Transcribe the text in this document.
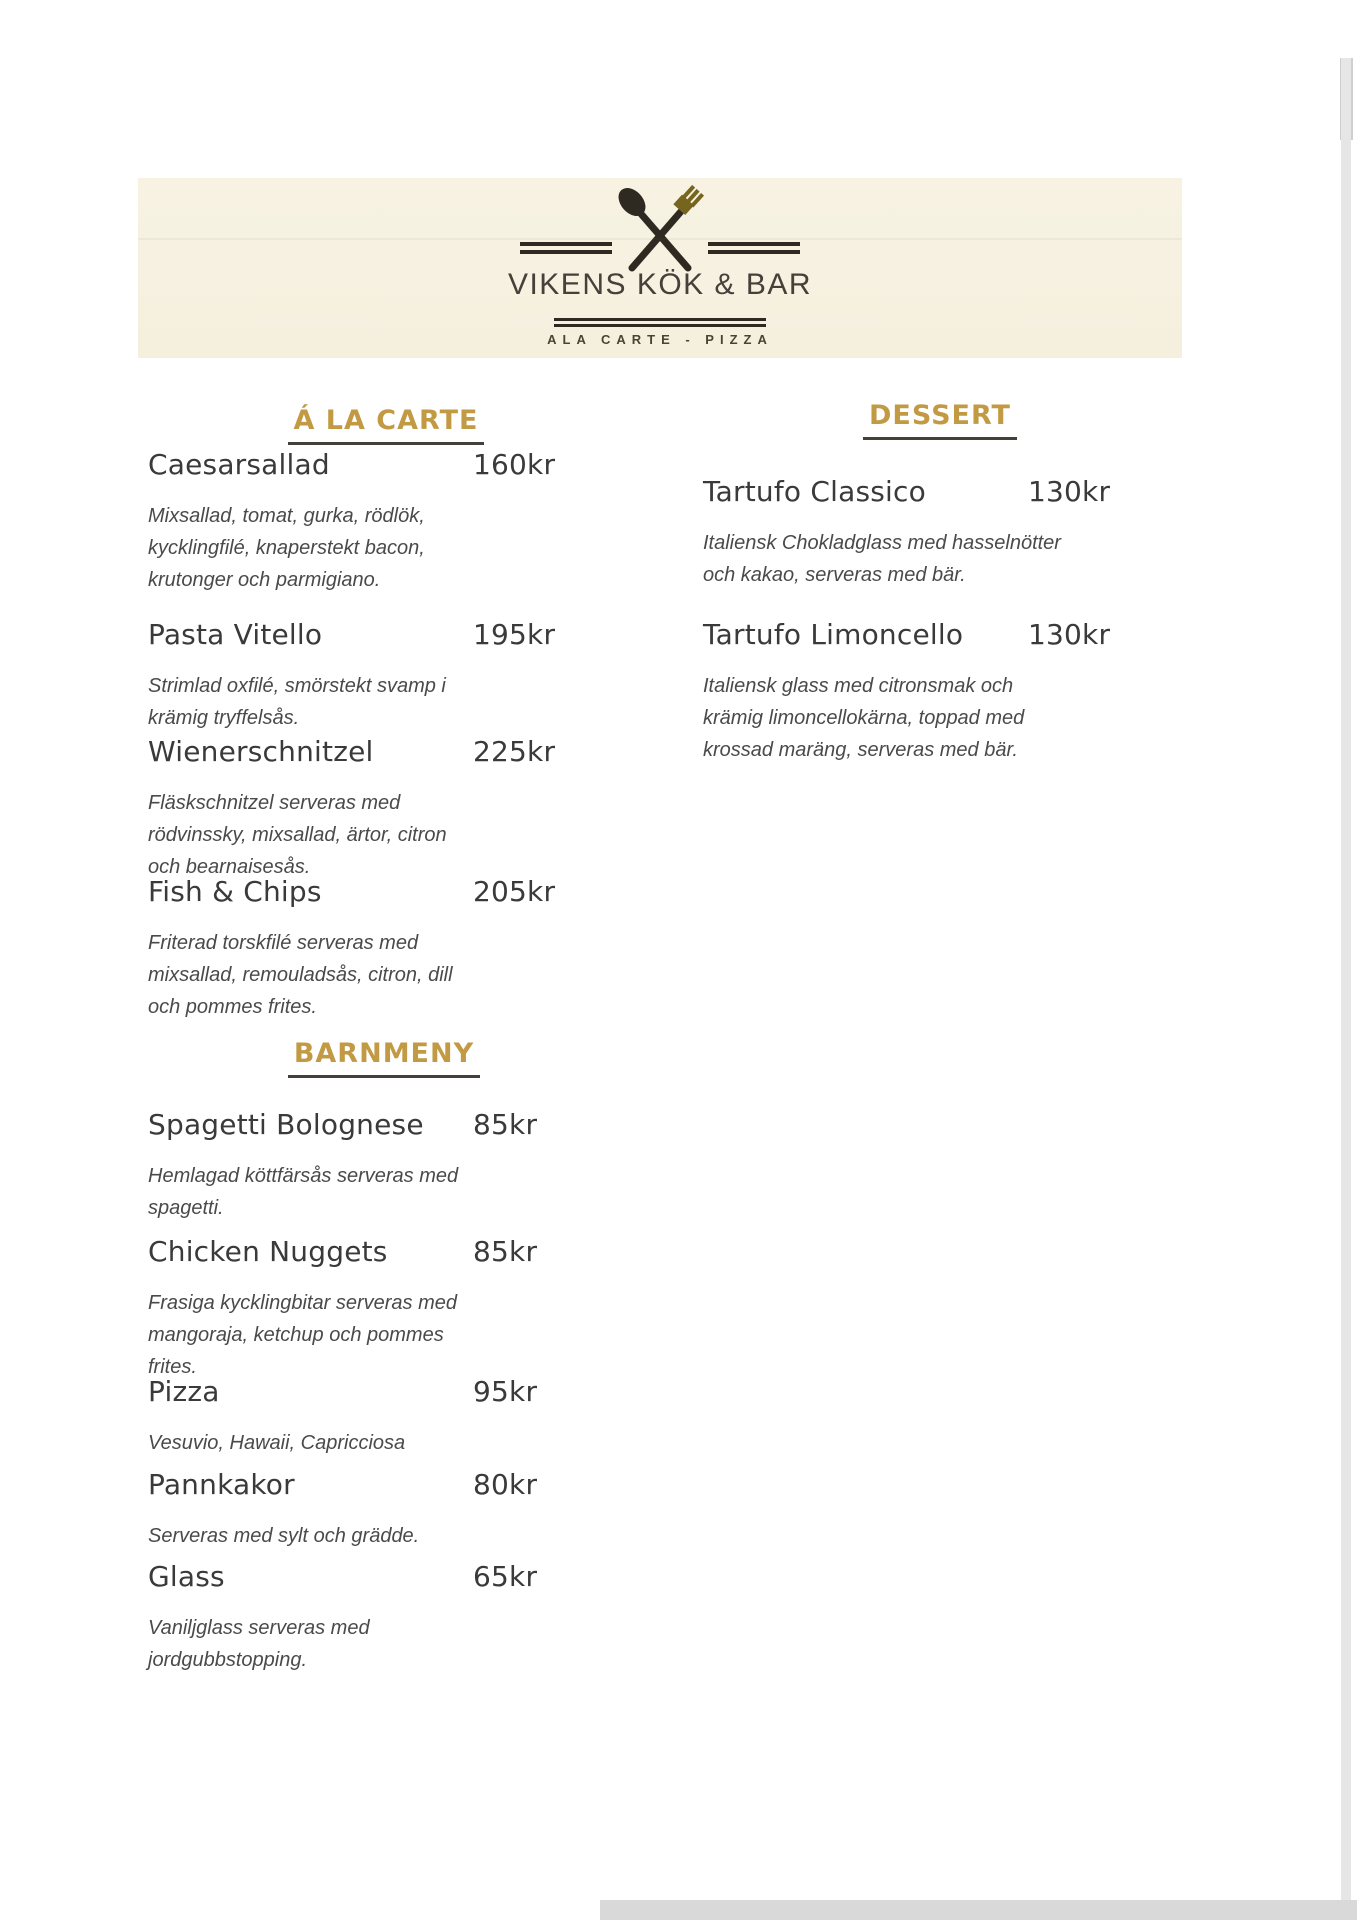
VIKENS KÖK & BAR
ALA CARTE - PIZZA
Á LA CARTE	DESSERT
BARNMENY
Caesarsallad	160kr
Mixsallad, tomat, gurka, rödlök, kycklingfilé, knaperstekt bacon, krutonger och parmigiano.
Pasta Vitello	195kr
Strimlad oxfilé, smörstekt svamp i krämig tryffelsås.
Wienerschnitzel	225kr
Fläskschnitzel serveras med rödvinssky, mixsallad, ärtor, citron och bearnaisesås.
Fish & Chips	205kr
Friterad torskfilé serveras med mixsallad, remouladsås, citron, dill och pommes frites.
Tartufo Classico	130kr
Italiensk Chokladglass med hasselnötter och kakao, serveras med bär.
Tartufo Limoncello 130kr
Italiensk glass med citronsmak och krämig limoncellokärna, toppad med krossad maräng, serveras med bär.
Spagetti Bolognese 85kr
Hemlagad köttfärsås serveras med spagetti.
Chicken Nuggets	85kr
Frasiga kycklingbitar serveras med mangoraja, ketchup och pommes frites.
Pizza	95kr
Vesuvio, Hawaii, Capricciosa
Pannkakor	80kr
Serveras med sylt och grädde.
Glass	65kr
Vaniljglass serveras med jordgubbstopping.
